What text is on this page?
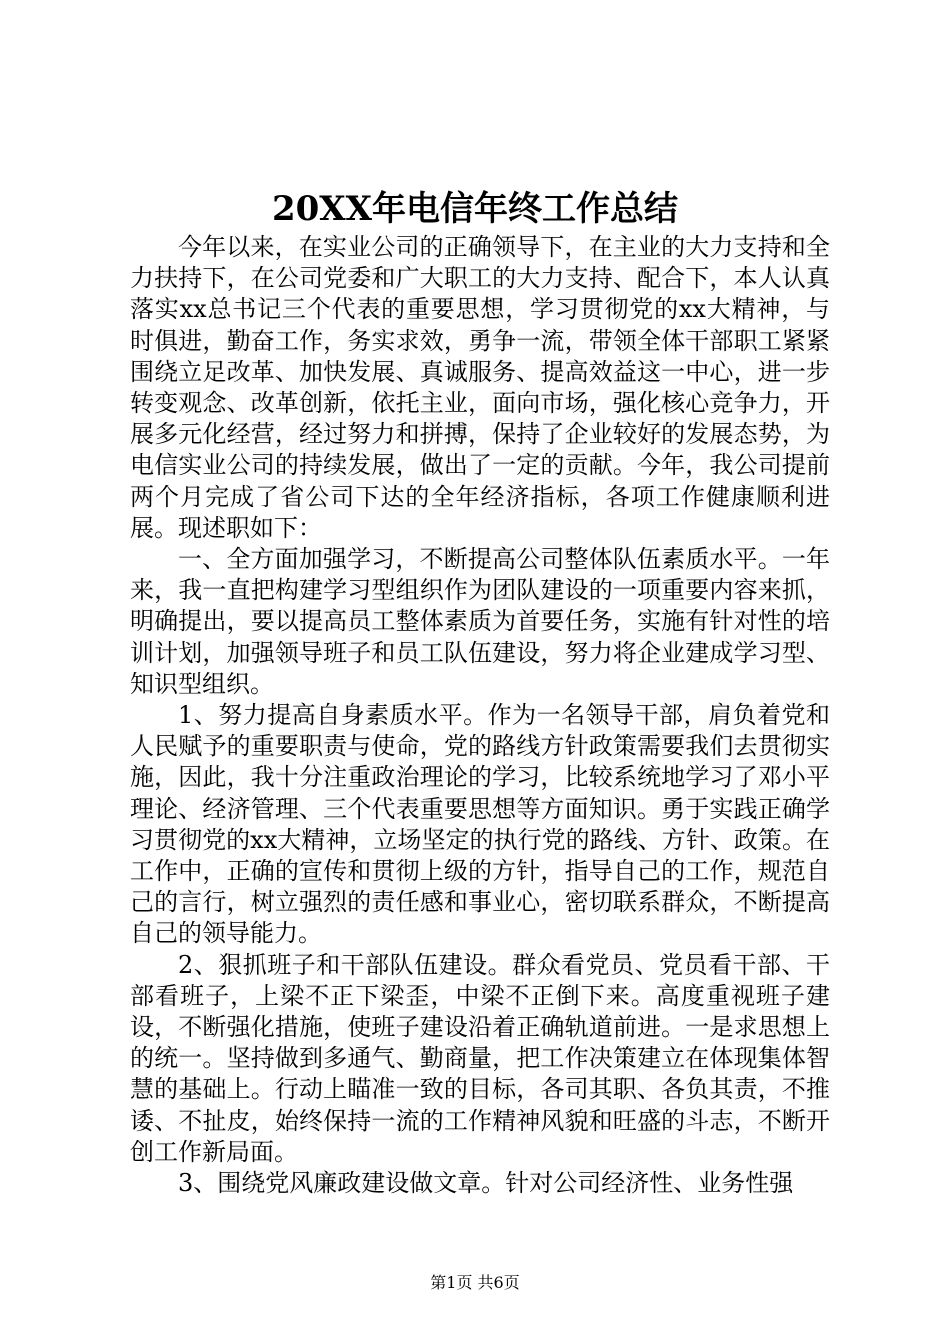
20XX年电信年终工作总结

今年以来，在实业公司的正确领导下，在主业的大力支持和全力扶持下，在公司党委和广大职工的大力支持、配合下，本人认真落实xx总书记三个代表的重要思想，学习贯彻党的xx大精神，与时俱进，勤奋工作，务实求效，勇争一流，带领全体干部职工紧紧围绕立足改革、加快发展、真诚服务、提高效益这一中心，进一步转变观念、改革创新，依托主业，面向市场，强化核心竞争力，开展多元化经营，经过努力和拼搏，保持了企业较好的发展态势，为电信实业公司的持续发展，做出了一定的贡献。今年，我公司提前两个月完成了省公司下达的全年经济指标，各项工作健康顺利进展。现述职如下：

一、全方面加强学习，不断提高公司整体队伍素质水平。一年来，我一直把构建学习型组织作为团队建设的一项重要内容来抓，明确提出，要以提高员工整体素质为首要任务，实施有针对性的培训计划，加强领导班子和员工队伍建设，努力将企业建成学习型、知识型组织。

1、努力提高自身素质水平。作为一名领导干部，肩负着党和人民赋予的重要职责与使命，党的路线方针政策需要我们去贯彻实施，因此，我十分注重政治理论的学习，比较系统地学习了邓小平理论、经济管理、三个代表重要思想等方面知识。勇于实践正确学习贯彻党的xx大精神，立场坚定的执行党的路线、方针、政策。在工作中，正确的宣传和贯彻上级的方针，指导自己的工作，规范自己的言行，树立强烈的责任感和事业心，密切联系群众，不断提高自己的领导能力。

2、狠抓班子和干部队伍建设。群众看党员、党员看干部、干部看班子，上梁不正下梁歪，中梁不正倒下来。高度重视班子建设，不断强化措施，使班子建设沿着正确轨道前进。一是求思想上的统一。坚持做到多通气、勤商量，把工作决策建立在体现集体智慧的基础上。行动上瞄准一致的目标，各司其职、各负其责，不推诿、不扯皮，始终保持一流的工作精神风貌和旺盛的斗志，不断开创工作新局面。

3、围绕党风廉政建设做文章。针对公司经济性、业务性强

第1页 共6页
